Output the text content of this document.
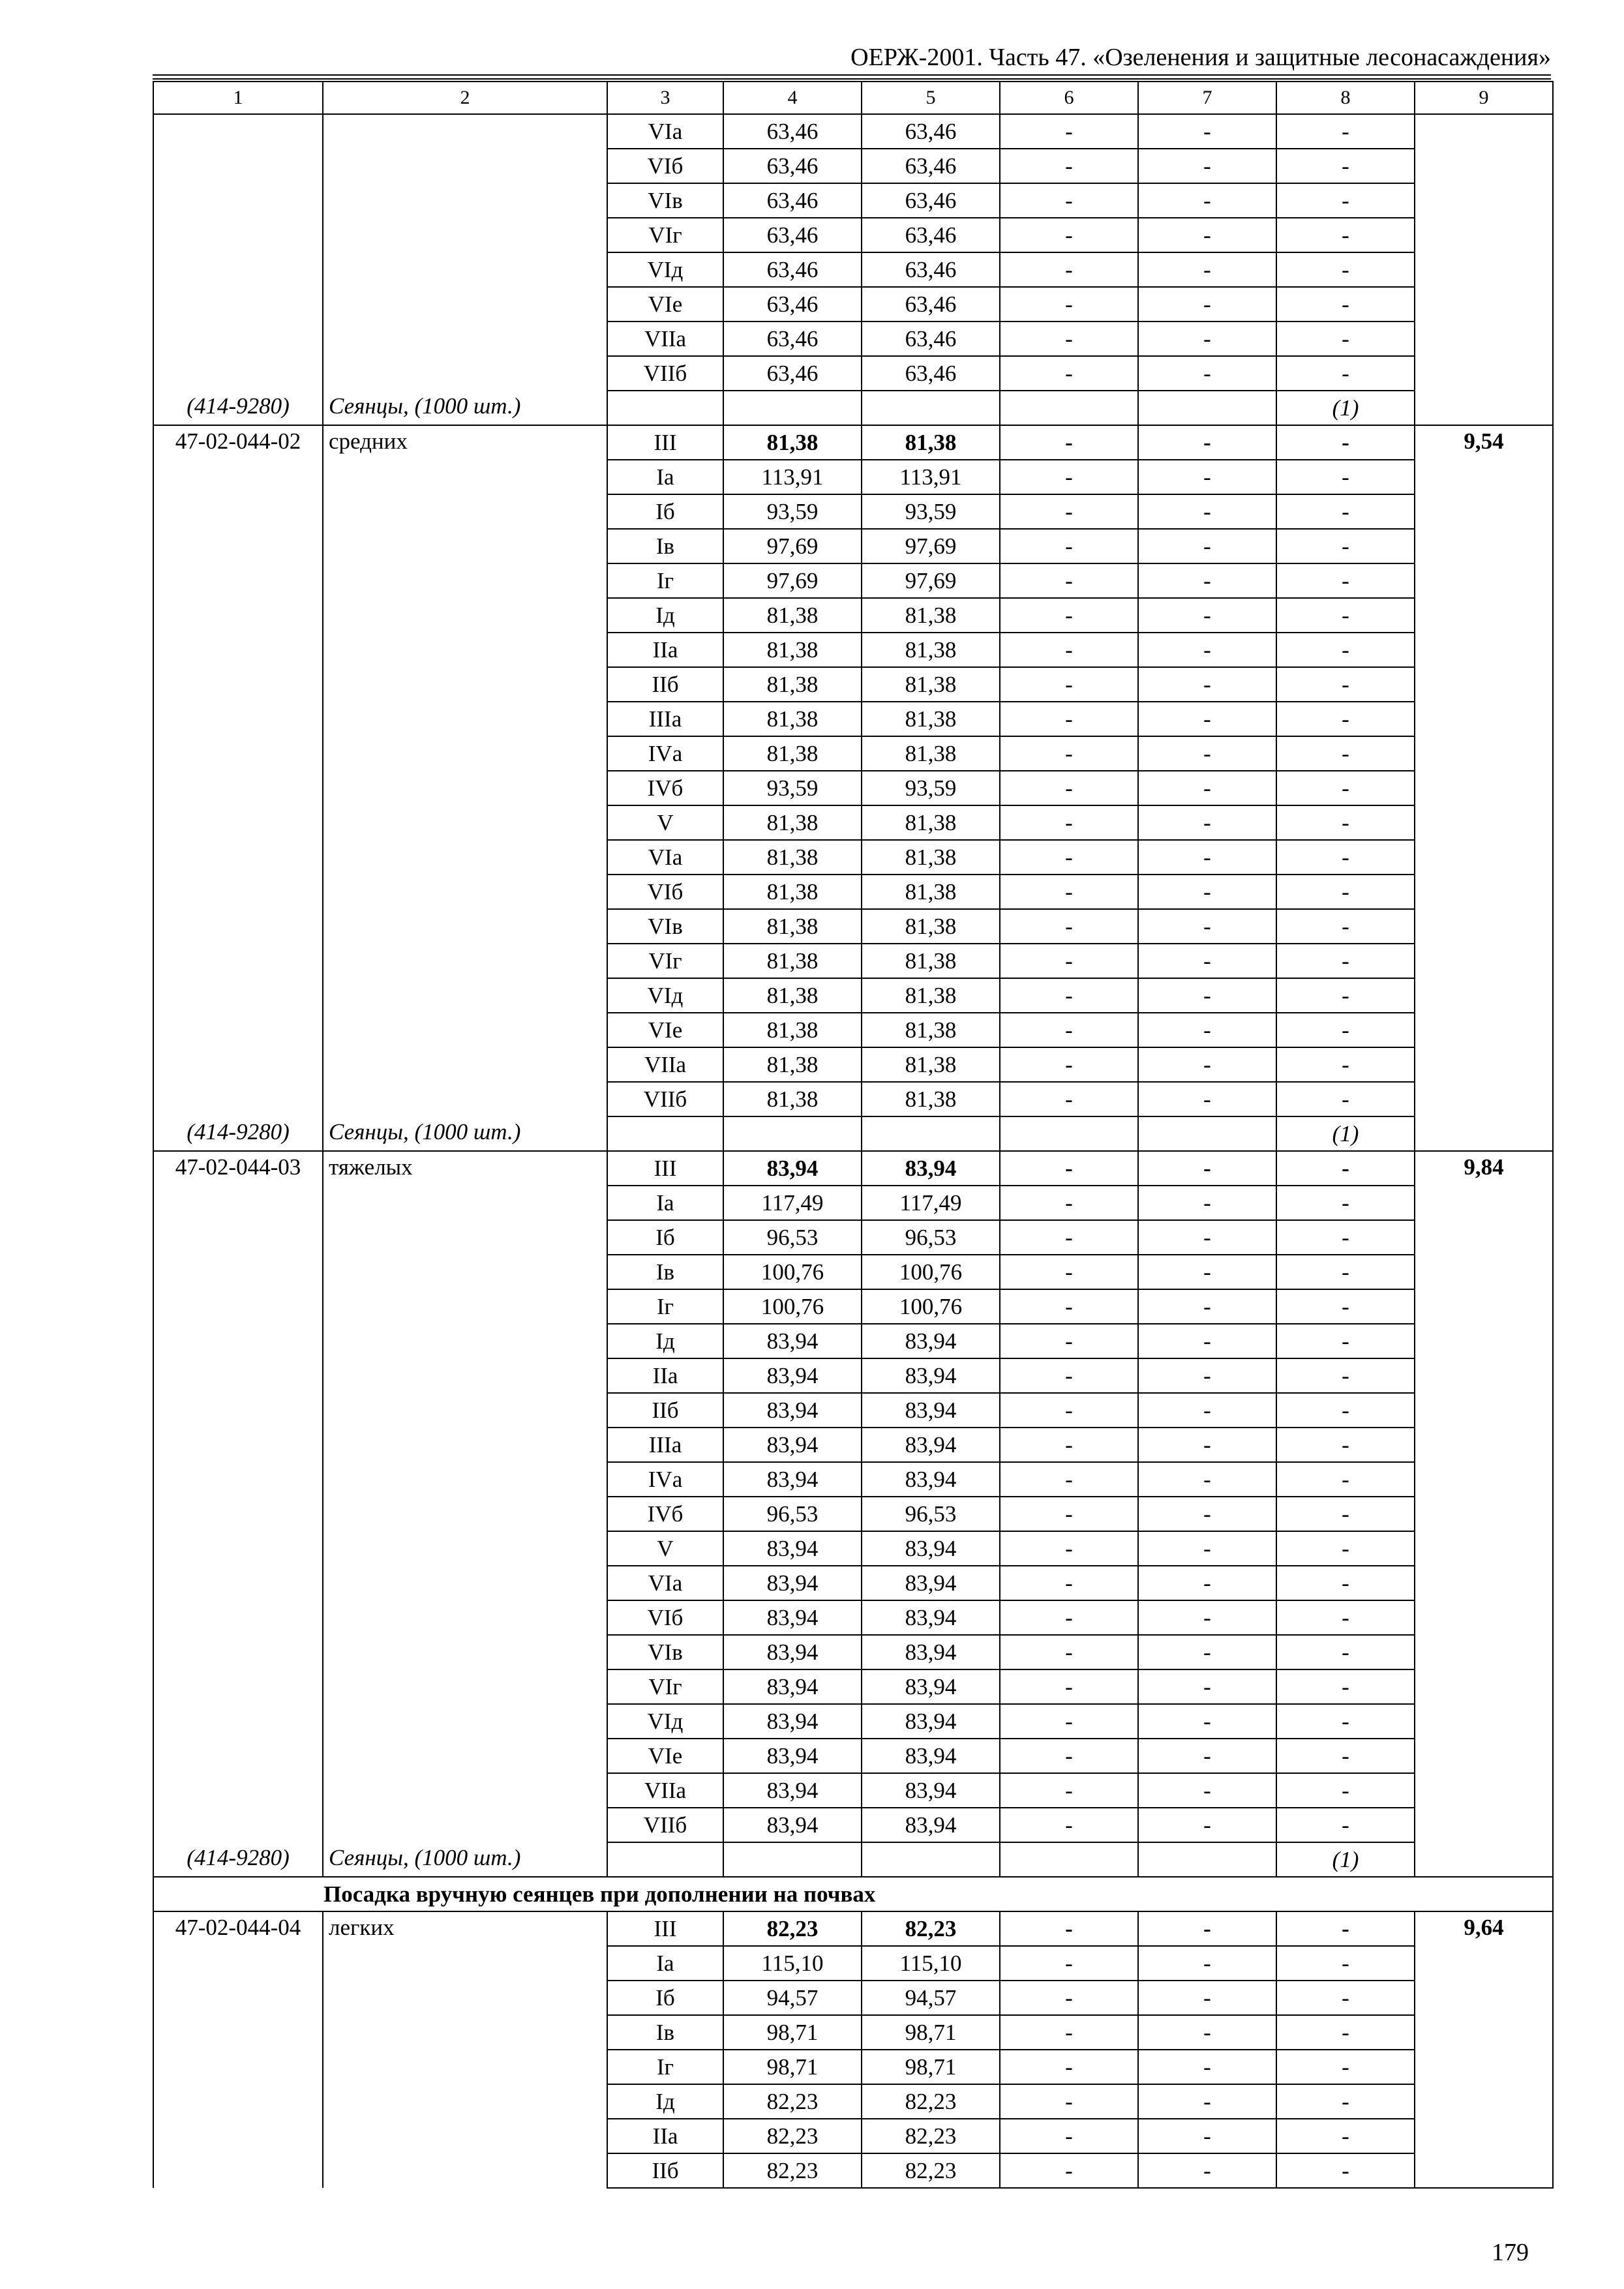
ОЕРЖ-2001. Часть 47. «Озеленения и защитные лесонасаждения»
1	2	3	4	5	6	7	8	9
		VIа	63,46	63,46	-	-	-	
		VIб	63,46	63,46	-	-	-	
		VIв	63,46	63,46	-	-	-	
		VIг	63,46	63,46	-	-	-	
		VIд	63,46	63,46	-	-	-	
		VIе	63,46	63,46	-	-	-	
		VIIа	63,46	63,46	-	-	-	
		VIIб	63,46	63,46	-	-	-	
(414-9280)	Сеянцы, (1000 шт.)						(1)	
47-02-044-02	средних	III	81,38	81,38	-	-	-	9,54
		Iа	113,91	113,91	-	-	-	
		Iб	93,59	93,59	-	-	-	
		Iв	97,69	97,69	-	-	-	
		Iг	97,69	97,69	-	-	-	
		Iд	81,38	81,38	-	-	-	
		IIа	81,38	81,38	-	-	-	
		IIб	81,38	81,38	-	-	-	
		IIIа	81,38	81,38	-	-	-	
		IVа	81,38	81,38	-	-	-	
		IVб	93,59	93,59	-	-	-	
		V	81,38	81,38	-	-	-	
		VIа	81,38	81,38	-	-	-	
		VIб	81,38	81,38	-	-	-	
		VIв	81,38	81,38	-	-	-	
		VIг	81,38	81,38	-	-	-	
		VIд	81,38	81,38	-	-	-	
		VIе	81,38	81,38	-	-	-	
		VIIа	81,38	81,38	-	-	-	
		VIIб	81,38	81,38	-	-	-	
(414-9280)	Сеянцы, (1000 шт.)						(1)	
47-02-044-03	тяжелых	III	83,94	83,94	-	-	-	9,84
		Iа	117,49	117,49	-	-	-	
		Iб	96,53	96,53	-	-	-	
		Iв	100,76	100,76	-	-	-	
		Iг	100,76	100,76	-	-	-	
		Iд	83,94	83,94	-	-	-	
		IIа	83,94	83,94	-	-	-	
		IIб	83,94	83,94	-	-	-	
		IIIа	83,94	83,94	-	-	-	
		IVа	83,94	83,94	-	-	-	
		IVб	96,53	96,53	-	-	-	
		V	83,94	83,94	-	-	-	
		VIа	83,94	83,94	-	-	-	
		VIб	83,94	83,94	-	-	-	
		VIв	83,94	83,94	-	-	-	
		VIг	83,94	83,94	-	-	-	
		VIд	83,94	83,94	-	-	-	
		VIе	83,94	83,94	-	-	-	
		VIIа	83,94	83,94	-	-	-	
		VIIб	83,94	83,94	-	-	-	
(414-9280)	Сеянцы, (1000 шт.)						(1)	
Посадка вручную сеянцев при дополнении на почвах								
47-02-044-04	легких	III	82,23	82,23	-	-	-	9,64
		Iа	115,10	115,10	-	-	-	
		Iб	94,57	94,57	-	-	-	
		Iв	98,71	98,71	-	-	-	
		Iг	98,71	98,71	-	-	-	
		Iд	82,23	82,23	-	-	-	
		IIа	82,23	82,23	-	-	-	
		IIб	82,23	82,23	-	-	-	
179
